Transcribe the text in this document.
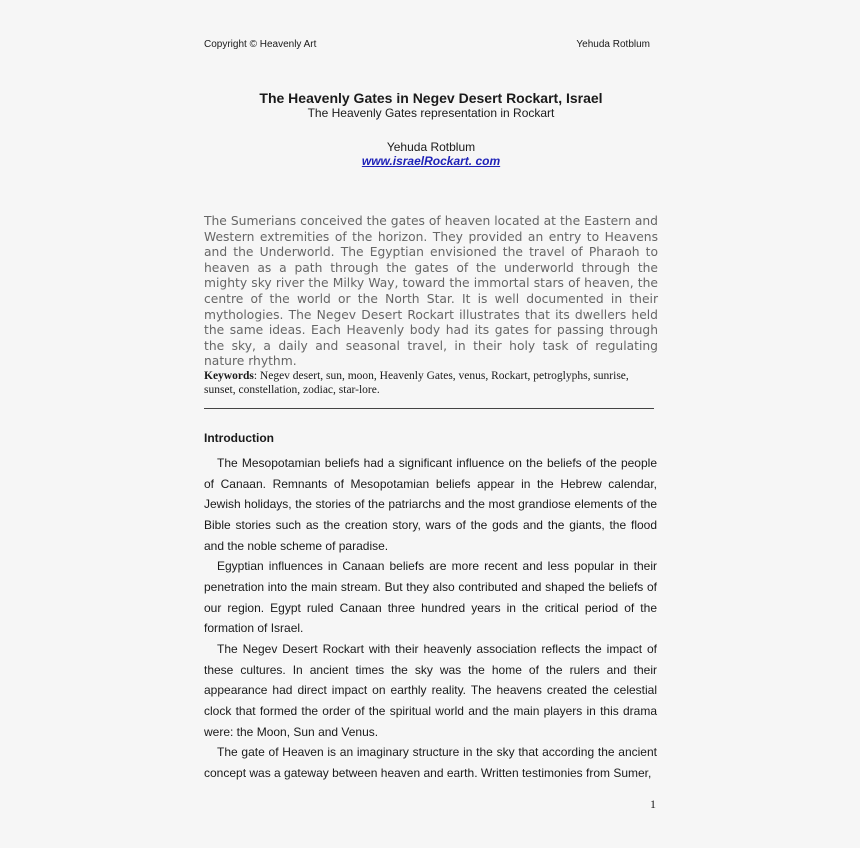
Copyright © Heavenly Art	Yehuda Rotblum

The Heavenly Gates in Negev Desert Rockart, Israel

The Heavenly Gates representation in Rockart

Yehuda Rotblum

www.israelRockart. com

The Sumerians conceived the gates of heaven located at the Eastern and Western extremities of the horizon. They provided an entry to Heavens and the Underworld. The Egyptian envisioned the travel of Pharaoh to heaven as a path through the gates of the underworld through the mighty sky river the Milky Way, toward the immortal stars of heaven, the centre of the world or the North Star. It is well documented in their mythologies. The Negev Desert Rockart illustrates that its dwellers held the same ideas. Each Heavenly body had its gates for passing through the sky, a daily and seasonal travel, in their holy task of regulating nature rhythm.

Keywords: Negev desert, sun, moon, Heavenly Gates, venus, Rockart, petroglyphs, sunrise, sunset, constellation, zodiac, star-lore.

Introduction

The Mesopotamian beliefs had a significant influence on the beliefs of the people of Canaan. Remnants of Mesopotamian beliefs appear in the Hebrew calendar, Jewish holidays, the stories of the patriarchs and the most grandiose elements of the Bible stories such as the creation story, wars of the gods and the giants, the flood and the noble scheme of paradise.

Egyptian influences in Canaan beliefs are more recent and less popular in their penetration into the main stream. But they also contributed and shaped the beliefs of our region. Egypt ruled Canaan three hundred years in the critical period of the formation of Israel.

The Negev Desert Rockart with their heavenly association reflects the impact of these cultures. In ancient times the sky was the home of the rulers and their appearance had direct impact on earthly reality. The heavens created the celestial clock that formed the order of the spiritual world and the main players in this drama were: the Moon, Sun and Venus.

The gate of Heaven is an imaginary structure in the sky that according the ancient concept was a gateway between heaven and earth. Written testimonies from Sumer,

1
